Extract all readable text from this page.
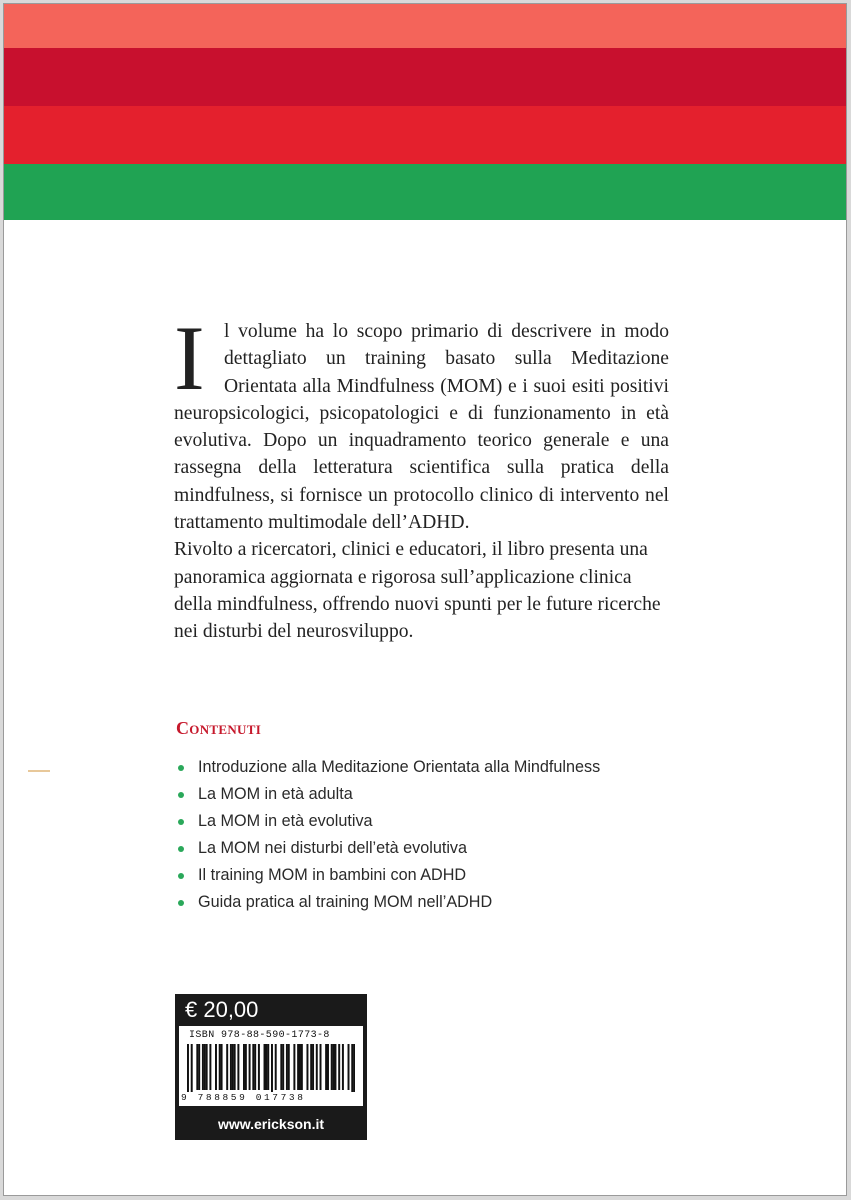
I l volume ha lo scopo primario di descrivere in modo dettagliato un training basato sulla Meditazione Orientata alla Mindfulness (MOM) e i suoi esiti positivi neuropsicologici, psicopatologici e di funzionamento in età evolutiva. Dopo un inquadramento teorico generale e una rassegna della letteratura scientifica sulla pratica della mindfulness, si fornisce un protocollo clinico di intervento nel trattamento multimodale dell’ADHD.

Rivolto a ricercatori, clinici e educatori, il libro presenta una panoramica aggiornata e rigorosa sull’applicazione clinica della mindfulness, offrendo nuovi spunti per le future ricerche nei disturbi del neurosviluppo.

Contenuti
Introduzione alla Meditazione Orientata alla Mindfulness
La MOM in età adulta
La MOM in età evolutiva
La MOM nei disturbi dell’età evolutiva
Il training MOM in bambini con ADHD
Guida pratica al training MOM nell’ADHD
€ 20,00
ISBN 978-88-590-1773-8
9 788859 017738
www.erickson.it
